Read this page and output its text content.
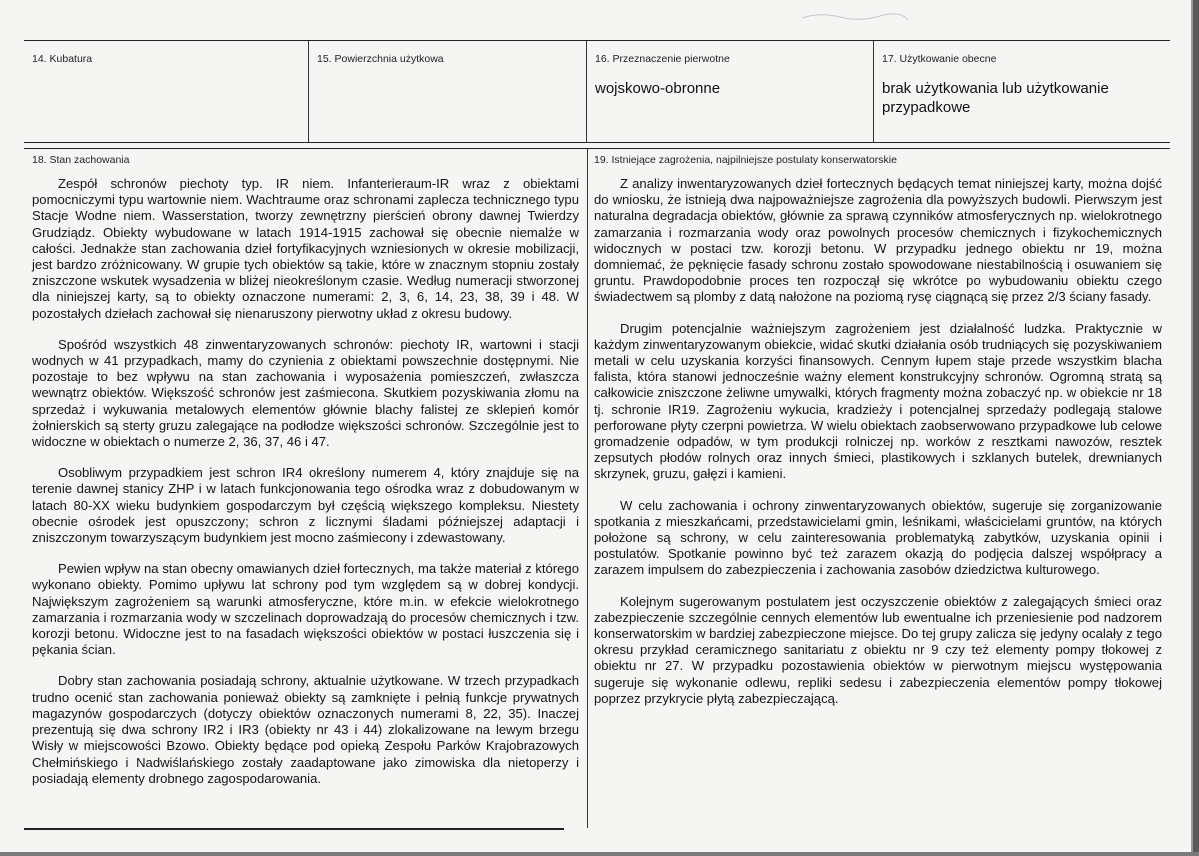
14. Kubatura	15. Powierzchnia użytkowa	16. Przeznaczenie pierwotne
wojskowo-obronne
17. Użytkowanie obecne
brak użytkowania lub użytkowanie przypadkowe
18. Stan zachowania

Zespół schronów piechoty typ. IR niem. Infanterieraum-IR wraz z obiektami pomocniczymi typu wartownie niem. Wachtraume oraz schronami zaplecza technicznego typu Stacje Wodne niem. Wasserstation, tworzy zewnętrzny pierścień obrony dawnej Twierdzy Grudziądz. Obiekty wybudowane w latach 1914-1915 zachował się obecnie niemalże w całości. Jednakże stan zachowania dzieł fortyfikacyjnych wzniesionych w okresie mobilizacji, jest bardzo zróżnicowany. W grupie tych obiektów są takie, które w znacznym stopniu zostały zniszczone wskutek wysadzenia w bliżej nieokreślonym czasie. Według numeracji stworzonej dla niniejszej karty, są to obiekty oznaczone numerami: 2, 3, 6, 14, 23, 38, 39 i 48. W pozostałych dziełach zachował się nienaruszony pierwotny układ z okresu budowy.

Spośród wszystkich 48 zinwentaryzowanych schronów: piechoty IR, wartowni i stacji wodnych w 41 przypadkach, mamy do czynienia z obiektami powszechnie dostępnymi. Nie pozostaje to bez wpływu na stan zachowania i wyposażenia pomieszczeń, zwłaszcza wewnątrz obiektów. Większość schronów jest zaśmiecona. Skutkiem pozyskiwania złomu na sprzedaż i wykuwania metalowych elementów głównie blachy falistej ze sklepień komór żołnierskich są sterty gruzu zalegające na podłodze większości schronów. Szczególnie jest to widoczne w obiektach o numerze 2, 36, 37, 46 i 47.

Osobliwym przypadkiem jest schron IR4 określony numerem 4, który znajduje się na terenie dawnej stanicy ZHP i w latach funkcjonowania tego ośrodka wraz z dobudowanym w latach 80-XX wieku budynkiem gospodarczym był częścią większego kompleksu. Niestety obecnie ośrodek jest opuszczony; schron z licznymi śladami późniejszej adaptacji i zniszczonym towarzyszącym budynkiem jest mocno zaśmiecony i zdewastowany.

Pewien wpływ na stan obecny omawianych dzieł fortecznych, ma także materiał z którego wykonano obiekty. Pomimo upływu lat schrony pod tym względem są w dobrej kondycji. Największym zagrożeniem są warunki atmosferyczne, które m.in. w efekcie wielokrotnego zamarzania i rozmarzania wody w szczelinach doprowadzają do procesów chemicznych i tzw. korozji betonu. Widoczne jest to na fasadach większości obiektów w postaci łuszczenia się i pękania ścian.

Dobry stan zachowania posiadają schrony, aktualnie użytkowane. W trzech przypadkach trudno ocenić stan zachowania ponieważ obiekty są zamknięte i pełnią funkcje prywatnych magazynów gospodarczych (dotyczy obiektów oznaczonych numerami 8, 22, 35). Inaczej prezentują się dwa schrony IR2 i IR3 (obiekty nr 43 i 44) zlokalizowane na lewym brzegu Wisły w miejscowości Bzowo. Obiekty będące pod opieką Zespołu Parków Krajobrazowych Chełmińskiego i Nadwiślańskiego zostały zaadaptowane jako zimowiska dla nietoperzy i posiadają elementy drobnego zagospodarowania.

19. Istniejące zagrożenia, najpilniejsze postulaty konserwatorskie

Z analizy inwentaryzowanych dzieł fortecznych będących temat niniejszej karty, można dojść do wniosku, że istnieją dwa najpoważniejsze zagrożenia dla powyższych budowli. Pierwszym jest naturalna degradacja obiektów, głównie za sprawą czynników atmosferycznych np. wielokrotnego zamarzania i rozmarzania wody oraz powolnych procesów chemicznych i fizykochemicznych widocznych w postaci tzw. korozji betonu. W przypadku jednego obiektu nr 19, można domniemać, że pęknięcie fasady schronu zostało spowodowane niestabilnością i osuwaniem się gruntu. Prawdopodobnie proces ten rozpoczął się wkrótce po wybudowaniu obiektu czego świadectwem są plomby z datą nałożone na poziomą rysę ciągnącą się przez 2/3 ściany fasady.

Drugim potencjalnie ważniejszym zagrożeniem jest działalność ludzka. Praktycznie w każdym zinwentaryzowanym obiekcie, widać skutki działania osób trudniących się pozyskiwaniem metali w celu uzyskania korzyści finansowych. Cennym łupem staje przede wszystkim blacha falista, która stanowi jednocześnie ważny element konstrukcyjny schronów. Ogromną stratą są całkowicie zniszczone żeliwne umywalki, których fragmenty można zobaczyć np. w obiekcie nr 18 tj. schronie IR19. Zagrożeniu wykucia, kradzieży i potencjalnej sprzedaży podlegają stalowe perforowane płyty czerpni powietrza. W wielu obiektach zaobserwowano przypadkowe lub celowe gromadzenie odpadów, w tym produkcji rolniczej np. worków z resztkami nawozów, resztek zepsutych płodów rolnych oraz innych śmieci, plastikowych i szklanych butelek, drewnianych skrzynek, gruzu, gałęzi i kamieni.

W celu zachowania i ochrony zinwentaryzowanych obiektów, sugeruje się zorganizowanie spotkania z mieszkańcami, przedstawicielami gmin, leśnikami, właścicielami gruntów, na których położone są schrony, w celu zainteresowania problematyką zabytków, uzyskania opinii i postulatów. Spotkanie powinno być też zarazem okazją do podjęcia dalszej współpracy a zarazem impulsem do zabezpieczenia i zachowania zasobów dziedzictwa kulturowego.

Kolejnym sugerowanym postulatem jest oczyszczenie obiektów z zalegających śmieci oraz zabezpieczenie szczególnie cennych elementów lub ewentualne ich przeniesienie pod nadzorem konserwatorskim w bardziej zabezpieczone miejsce. Do tej grupy zalicza się jedyny ocalały z tego okresu przykład ceramicznego sanitariatu z obiektu nr 9 czy też elementy pompy tłokowej z obiektu nr 27. W przypadku pozostawienia obiektów w pierwotnym miejscu występowania sugeruje się wykonanie odlewu, repliki sedesu i zabezpieczenia elementów pompy tłokowej poprzez przykrycie płytą zabezpieczającą.
